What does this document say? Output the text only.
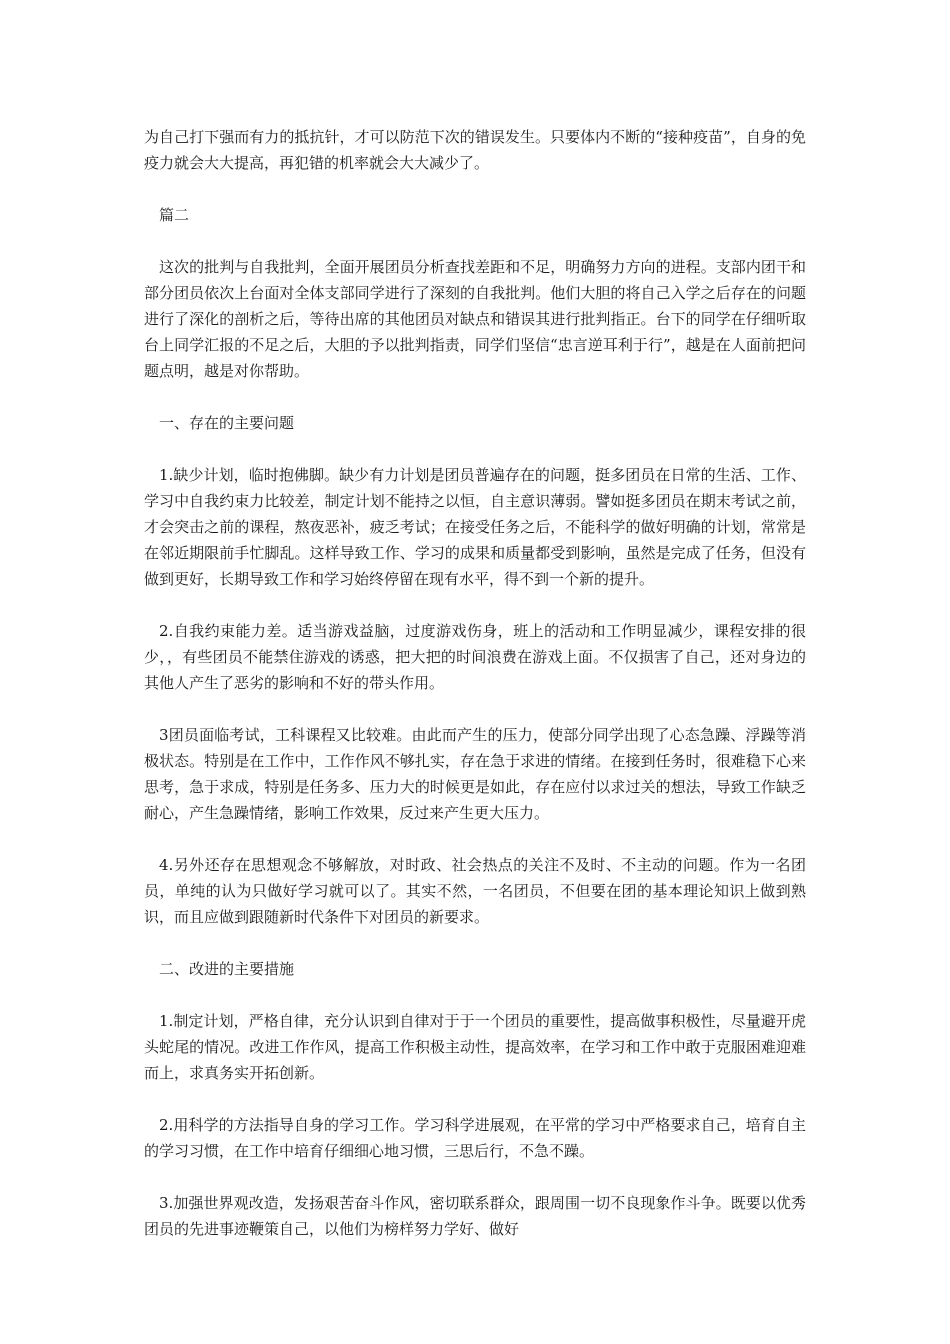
为自己打下强而有力的抵抗针，才可以防范下次的错误发生。只要体内不断的“接种疫苗”，自身的免疫力就会大大提高，再犯错的机率就会大大减少了。

篇二

这次的批判与自我批判，全面开展团员分析查找差距和不足，明确努力方向的进程。支部内团干和部分团员依次上台面对全体支部同学进行了深刻的自我批判。他们大胆的将自己入学之后存在的问题进行了深化的剖析之后，等待出席的其他团员对缺点和错误其进行批判指正。台下的同学在仔细听取台上同学汇报的不足之后，大胆的予以批判指责，同学们坚信“忠言逆耳利于行”，越是在人面前把问题点明，越是对你帮助。

一、存在的主要问题

1.缺少计划，临时抱佛脚。缺少有力计划是团员普遍存在的问题，挺多团员在日常的生活、工作、学习中自我约束力比较差，制定计划不能持之以恒，自主意识薄弱。譬如挺多团员在期末考试之前，才会突击之前的课程，熬夜恶补，疲乏考试；在接受任务之后，不能科学的做好明确的计划，常常是在邻近期限前手忙脚乱。这样导致工作、学习的成果和质量都受到影响，虽然是完成了任务，但没有做到更好，长期导致工作和学习始终停留在现有水平，得不到一个新的提升。

2.自我约束能力差。适当游戏益脑，过度游戏伤身，班上的活动和工作明显减少，课程安排的很少，，有些团员不能禁住游戏的诱惑，把大把的时间浪费在游戏上面。不仅损害了自己，还对身边的其他人产生了恶劣的影响和不好的带头作用。

3团员面临考试，工科课程又比较难。由此而产生的压力，使部分同学出现了心态急躁、浮躁等消极状态。特别是在工作中，工作作风不够扎实，存在急于求进的情绪。在接到任务时，很难稳下心来思考，急于求成，特别是任务多、压力大的时候更是如此，存在应付以求过关的想法，导致工作缺乏耐心，产生急躁情绪，影响工作效果，反过来产生更大压力。

4.另外还存在思想观念不够解放，对时政、社会热点的关注不及时、不主动的问题。作为一名团员，单纯的认为只做好学习就可以了。其实不然，一名团员，不但要在团的基本理论知识上做到熟识，而且应做到跟随新时代条件下对团员的新要求。

二、改进的主要措施

1.制定计划，严格自律，充分认识到自律对于于一个团员的重要性，提高做事积极性，尽量避开虎头蛇尾的情况。改进工作作风，提高工作积极主动性，提高效率，在学习和工作中敢于克服困难迎难而上，求真务实开拓创新。

2.用科学的方法指导自身的学习工作。学习科学进展观，在平常的学习中严格要求自己，培育自主的学习习惯，在工作中培育仔细细心地习惯，三思后行，不急不躁。

3.加强世界观改造，发扬艰苦奋斗作风，密切联系群众，跟周围一切不良现象作斗争。既要以优秀团员的先进事迹鞭策自己，以他们为榜样努力学好、做好
